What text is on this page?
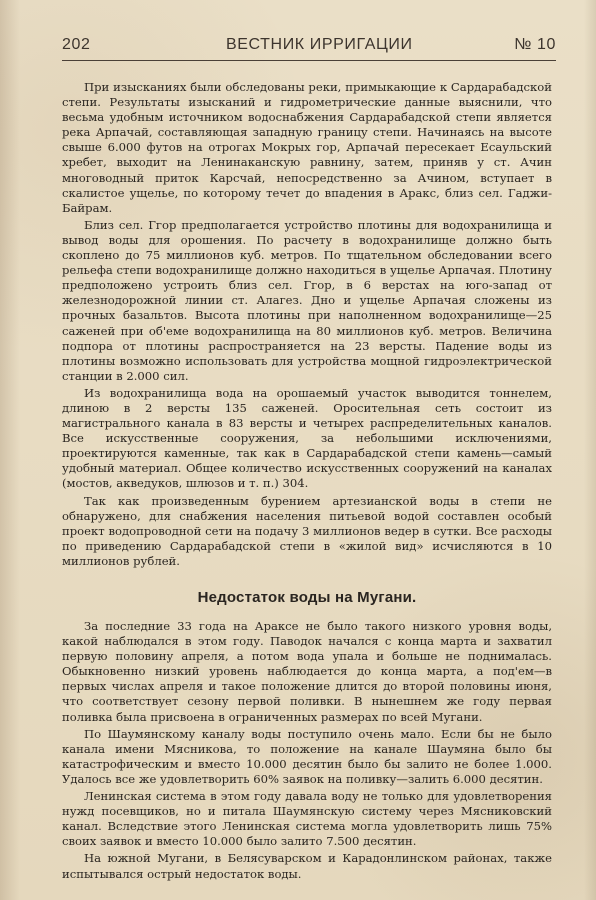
202	ВЕСТНИК ИРРИГАЦИИ	№ 10

При изысканиях были обследованы реки, примыкающие к Сардарабадской степи. Результаты изысканий и гидрометрические данные выяснили, что весьма удобным источником водоснабжения Сардарабадской степи является река Арпачай, составляющая западную границу степи. Начинаясь на высоте свыше 6.000 футов на отрогах Мокрых гор, Арпачай пересекает Есаульский хребет, выходит на Ленинаканскую равнину, затем, приняв у ст. Ачин многоводный приток Карсчай, непосредственно за Ачином, вступает в скалистое ущелье, по которому течет до впадения в Аракс, близ сел. Гаджи-Байрам.

Близ сел. Ггор предполагается устройство плотины для водохранилища и вывод воды для орошения. По расчету в водохранилище должно быть скоплено до 75 миллионов куб. метров. По тщательном обследовании всего рельефа степи водохранилище должно находиться в ущелье Арпачая. Плотину предположено устроить близ сел. Ггор, в 6 верстах на юго-запад от железнодорожной линии ст. Алагез. Дно и ущелье Арпачая сложены из прочных базальтов. Высота плотины при наполненном водохранилище—25 саженей при об'еме водохранилища на 80 миллионов куб. метров. Величина подпора от плотины распространяется на 23 версты. Падение воды из плотины возможно использовать для устройства мощной гидроэлектрической станции в 2.000 сил.

Из водохранилища вода на орошаемый участок выводится тоннелем, длиною в 2 версты 135 саженей. Оросительная сеть состоит из магистрального канала в 83 версты и четырех распределительных каналов. Все искусственные сооружения, за небольшими исключениями, проектируются каменные, так как в Сардарабадской степи камень—самый удобный материал. Общее количество искусственных сооружений на каналах (мостов, акведуков, шлюзов и т. п.) 304.

Так как произведенным бурением артезианской воды в степи не обнаружено, для снабжения населения питьевой водой составлен особый проект водопроводной сети на подачу 3 миллионов ведер в сутки. Все расходы по приведению Сардарабадской степи в «жилой вид» исчисляются в 10 миллионов рублей.

Недостаток воды на Мугани.

За последние 33 года на Араксе не было такого низкого уровня воды, какой наблюдался в этом году. Паводок начался с конца марта и захватил первую половину апреля, а потом вода упала и больше не поднималась. Обыкновенно низкий уровень наблюдается до конца марта, а под'ем—в первых числах апреля и такое положение длится до второй половины июня, что соответствует сезону первой поливки. В нынешнем же году первая поливка была присвоена в ограниченных размерах по всей Мугани.

По Шаумянскому каналу воды поступило очень мало. Если бы не было канала имени Мясникова, то положение на канале Шаумяна было бы катастрофическим и вместо 10.000 десятин было бы залито не более 1.000. Удалось все же удовлетворить 60% заявок на поливку—залить 6.000 десятин.

Ленинская система в этом году давала воду не только для удовлетворения нужд посевщиков, но и питала Шаумянскую систему через Мясниковский канал. Вследствие этого Ленинская система могла удовлетворить лишь 75% своих заявок и вместо 10.000 было залито 7.500 десятин.

На южной Мугани, в Белясуварском и Карадонлинском районах, также испытывался острый недостаток воды.
